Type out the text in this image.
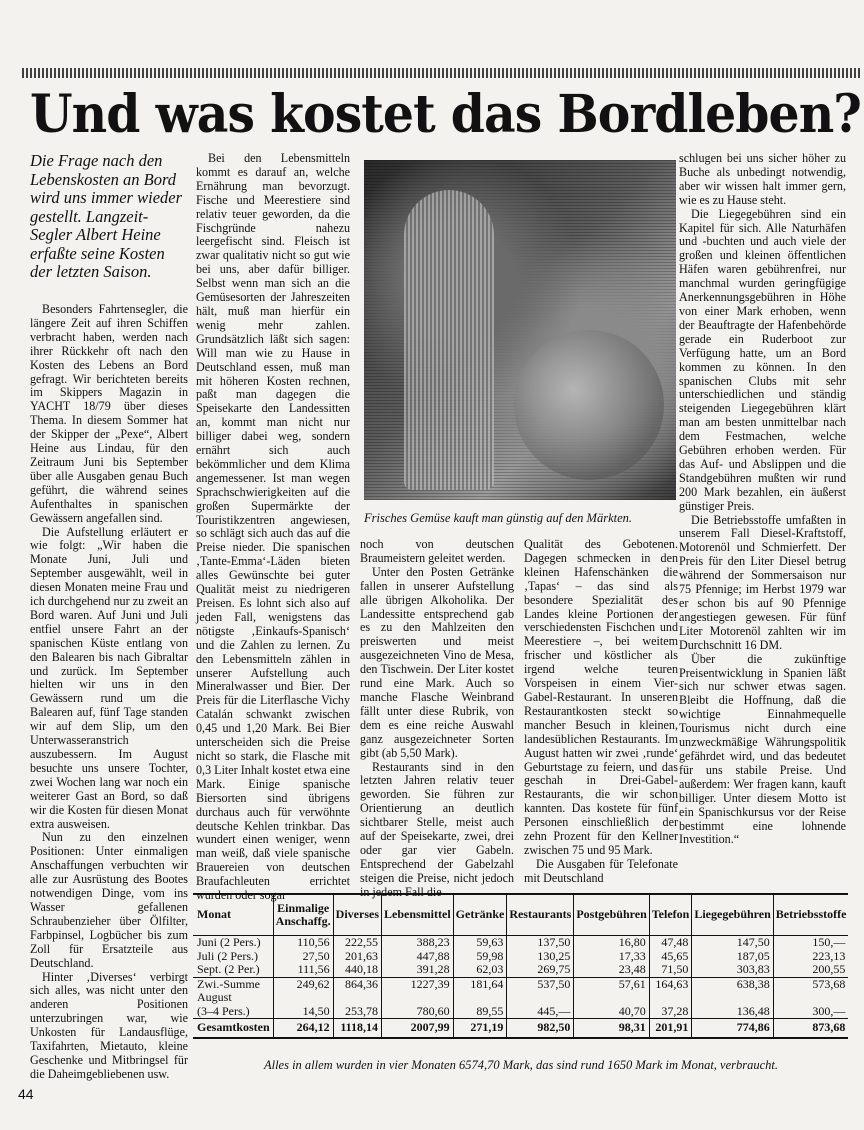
Und was kostet das Bordleben?

Die Frage nach den Lebenskosten an Bord wird uns immer wieder gestellt. Langzeit-Segler Albert Heine erfaßte seine Kosten der letzten Saison.

Besonders Fahrtensegler, die längere Zeit auf ihren Schiffen verbracht haben, werden nach ihrer Rückkehr oft nach den Kosten des Lebens an Bord gefragt. Wir berichteten bereits im Skippers Magazin in YACHT 18/79 über dieses Thema. In diesem Sommer hat der Skipper der „Pexe“, Albert Heine aus Lindau, für den Zeitraum Juni bis September über alle Ausgaben genau Buch geführt, die während seines Aufenthaltes in spanischen Gewässern angefallen sind.

Die Aufstellung erläutert er wie folgt: „Wir haben die Monate Juni, Juli und September ausgewählt, weil in diesen Monaten meine Frau und ich durchgehend nur zu zweit an Bord waren. Auf Juni und Juli entfiel unsere Fahrt an der spanischen Küste entlang von den Balearen bis nach Gibraltar und zurück. Im September hielten wir uns in den Gewässern rund um die Balearen auf, fünf Tage standen wir auf dem Slip, um den Unterwasseranstrich auszubessern. Im August besuchte uns unsere Tochter, zwei Wochen lang war noch ein weiterer Gast an Bord, so daß wir die Kosten für diesen Monat extra ausweisen.

Nun zu den einzelnen Positionen: Unter einmaligen Anschaffungen verbuchten wir alle zur Ausrüstung des Bootes notwendigen Dinge, vom ins Wasser gefallenen Schraubenzieher über Ölfilter, Farbpinsel, Logbücher bis zum Zoll für Ersatzteile aus Deutschland.

Hinter ‚Diverses‘ verbirgt sich alles, was nicht unter den anderen Positionen unterzubringen war, wie Unkosten für Landausflüge, Taxifahrten, Mietauto, kleine Geschenke und Mitbringsel für die Daheimgebliebenen usw.

Bei den Lebensmitteln kommt es darauf an, welche Ernährung man bevorzugt. Fische und Meerestiere sind relativ teuer geworden, da die Fischgründe nahezu leergefischt sind. Fleisch ist zwar qualitativ nicht so gut wie bei uns, aber dafür billiger. Selbst wenn man sich an die Gemüsesorten der Jahreszeiten hält, muß man hierfür ein wenig mehr zahlen. Grundsätzlich läßt sich sagen: Will man wie zu Hause in Deutschland essen, muß man mit höheren Kosten rechnen, paßt man dagegen die Speisekarte den Landessitten an, kommt man nicht nur billiger dabei weg, sondern ernährt sich auch bekömmlicher und dem Klima angemessener. Ist man wegen Sprachschwierigkeiten auf die großen Supermärkte der Touristikzentren angewiesen, so schlägt sich auch das auf die Preise nieder. Die spanischen ‚Tante-Emma‘-Läden bieten alles Gewünschte bei guter Qualität meist zu niedrigeren Preisen. Es lohnt sich also auf jeden Fall, wenigstens das nötigste ‚Einkaufs-Spanisch‘ und die Zahlen zu lernen. Zu den Lebensmitteln zählen in unserer Aufstellung auch Mineralwasser und Bier. Der Preis für die Literflasche Vichy Catalán schwankt zwischen 0,45 und 1,20 Mark. Bei Bier unterscheiden sich die Preise nicht so stark, die Flasche mit 0,3 Liter Inhalt kostet etwa eine Mark. Einige spanische Biersorten sind übrigens durchaus auch für verwöhnte deutsche Kehlen trinkbar. Das wundert einen weniger, wenn man weiß, daß viele spanische Brauereien von deutschen Braufachleuten errichtet wurden oder sogar

Frisches Gemüse kauft man günstig auf den Märkten.

noch von deutschen Braumeistern geleitet werden.

Unter den Posten Getränke fallen in unserer Aufstellung alle übrigen Alkoholika. Der Landessitte entsprechend gab es zu den Mahlzeiten den preiswerten und meist ausgezeichneten Vino de Mesa, den Tischwein. Der Liter kostet rund eine Mark. Auch so manche Flasche Weinbrand fällt unter diese Rubrik, von dem es eine reiche Auswahl ganz ausgezeichneter Sorten gibt (ab 5,50 Mark).

Restaurants sind in den letzten Jahren relativ teuer geworden. Sie führen zur Orientierung an deutlich sichtbarer Stelle, meist auch auf der Speisekarte, zwei, drei oder gar vier Gabeln. Entsprechend der Gabelzahl steigen die Preise, nicht jedoch in jedem Fall die

Qualität des Gebotenen. Dagegen schmecken in den kleinen Hafenschänken die ‚Tapas‘ – das sind als besondere Spezialität des Landes kleine Portionen der verschiedensten Fischchen und Meerestiere –, bei weitem frischer und köstlicher als irgend welche teuren Vorspeisen in einem Vier-Gabel-Restaurant. In unseren Restaurantkosten steckt so mancher Besuch in kleinen, landesüblichen Restaurants. Im August hatten wir zwei ‚runde‘ Geburtstage zu feiern, und das geschah in Drei-Gabel-Restaurants, die wir schon kannten. Das kostete für fünf Personen einschließlich der zehn Prozent für den Kellner zwischen 75 und 95 Mark.

Die Ausgaben für Telefonate mit Deutschland

schlugen bei uns sicher höher zu Buche als unbedingt notwendig, aber wir wissen halt immer gern, wie es zu Hause steht.

Die Liegegebühren sind ein Kapitel für sich. Alle Naturhäfen und -buchten und auch viele der großen und kleinen öffentlichen Häfen waren gebührenfrei, nur manchmal wurden geringfügige Anerkennungsgebühren in Höhe von einer Mark erhoben, wenn der Beauftragte der Hafenbehörde gerade ein Ruderboot zur Verfügung hatte, um an Bord kommen zu können. In den spanischen Clubs mit sehr unterschiedlichen und ständig steigenden Liegegebühren klärt man am besten unmittelbar nach dem Festmachen, welche Gebühren erhoben werden. Für das Auf- und Abslippen und die Standgebühren mußten wir rund 200 Mark bezahlen, ein äußerst günstiger Preis.

Die Betriebsstoffe umfaßten in unserem Fall Diesel-Kraftstoff, Motorenöl und Schmierfett. Der Preis für den Liter Diesel betrug während der Sommersaison nur 75 Pfennige; im Herbst 1979 war er schon bis auf 90 Pfennige angestiegen gewesen. Für fünf Liter Motorenöl zahlten wir im Durchschnitt 16 DM.

Über die zukünftige Preisentwicklung in Spanien läßt sich nur schwer etwas sagen. Bleibt die Hoffnung, daß die wichtige Einnahmequelle Tourismus nicht durch eine unzweckmäßige Währungspolitik gefährdet wird, und das bedeutet für uns stabile Preise. Und außerdem: Wer fragen kann, kauft billiger. Unter diesem Motto ist ein Spanischkursus vor der Reise bestimmt eine lohnende Investition.“

Monat	Einmalige Anschaffg.	Diverses	Lebensmittel	Getränke	Restaurants	Postgebühren	Telefon	Liegegebühren	Betriebsstoffe
Juni (2 Pers.)	110,56	222,55	388,23	59,63	137,50	16,80	47,48	147,50	150,—
Juli (2 Pers.)	27,50	201,63	447,88	59,98	130,25	17,33	45,65	187,05	223,13
Sept. (2 Per.)	111,56	440,18	391,28	62,03	269,75	23,48	71,50	303,83	200,55
Zwi.-Summe	249,62	864,36	1227,39	181,64	537,50	57,61	164,63	638,38	573,68
August									
(3–4 Pers.)	14,50	253,78	780,60	89,55	445,—	40,70	37,28	136,48	300,—
Gesamtkosten	264,12	1118,14	2007,99	271,19	982,50	98,31	201,91	774,86	873,68

Alles in allem wurden in vier Monaten 6574,70 Mark, das sind rund 1650 Mark im Monat, verbraucht.

44
